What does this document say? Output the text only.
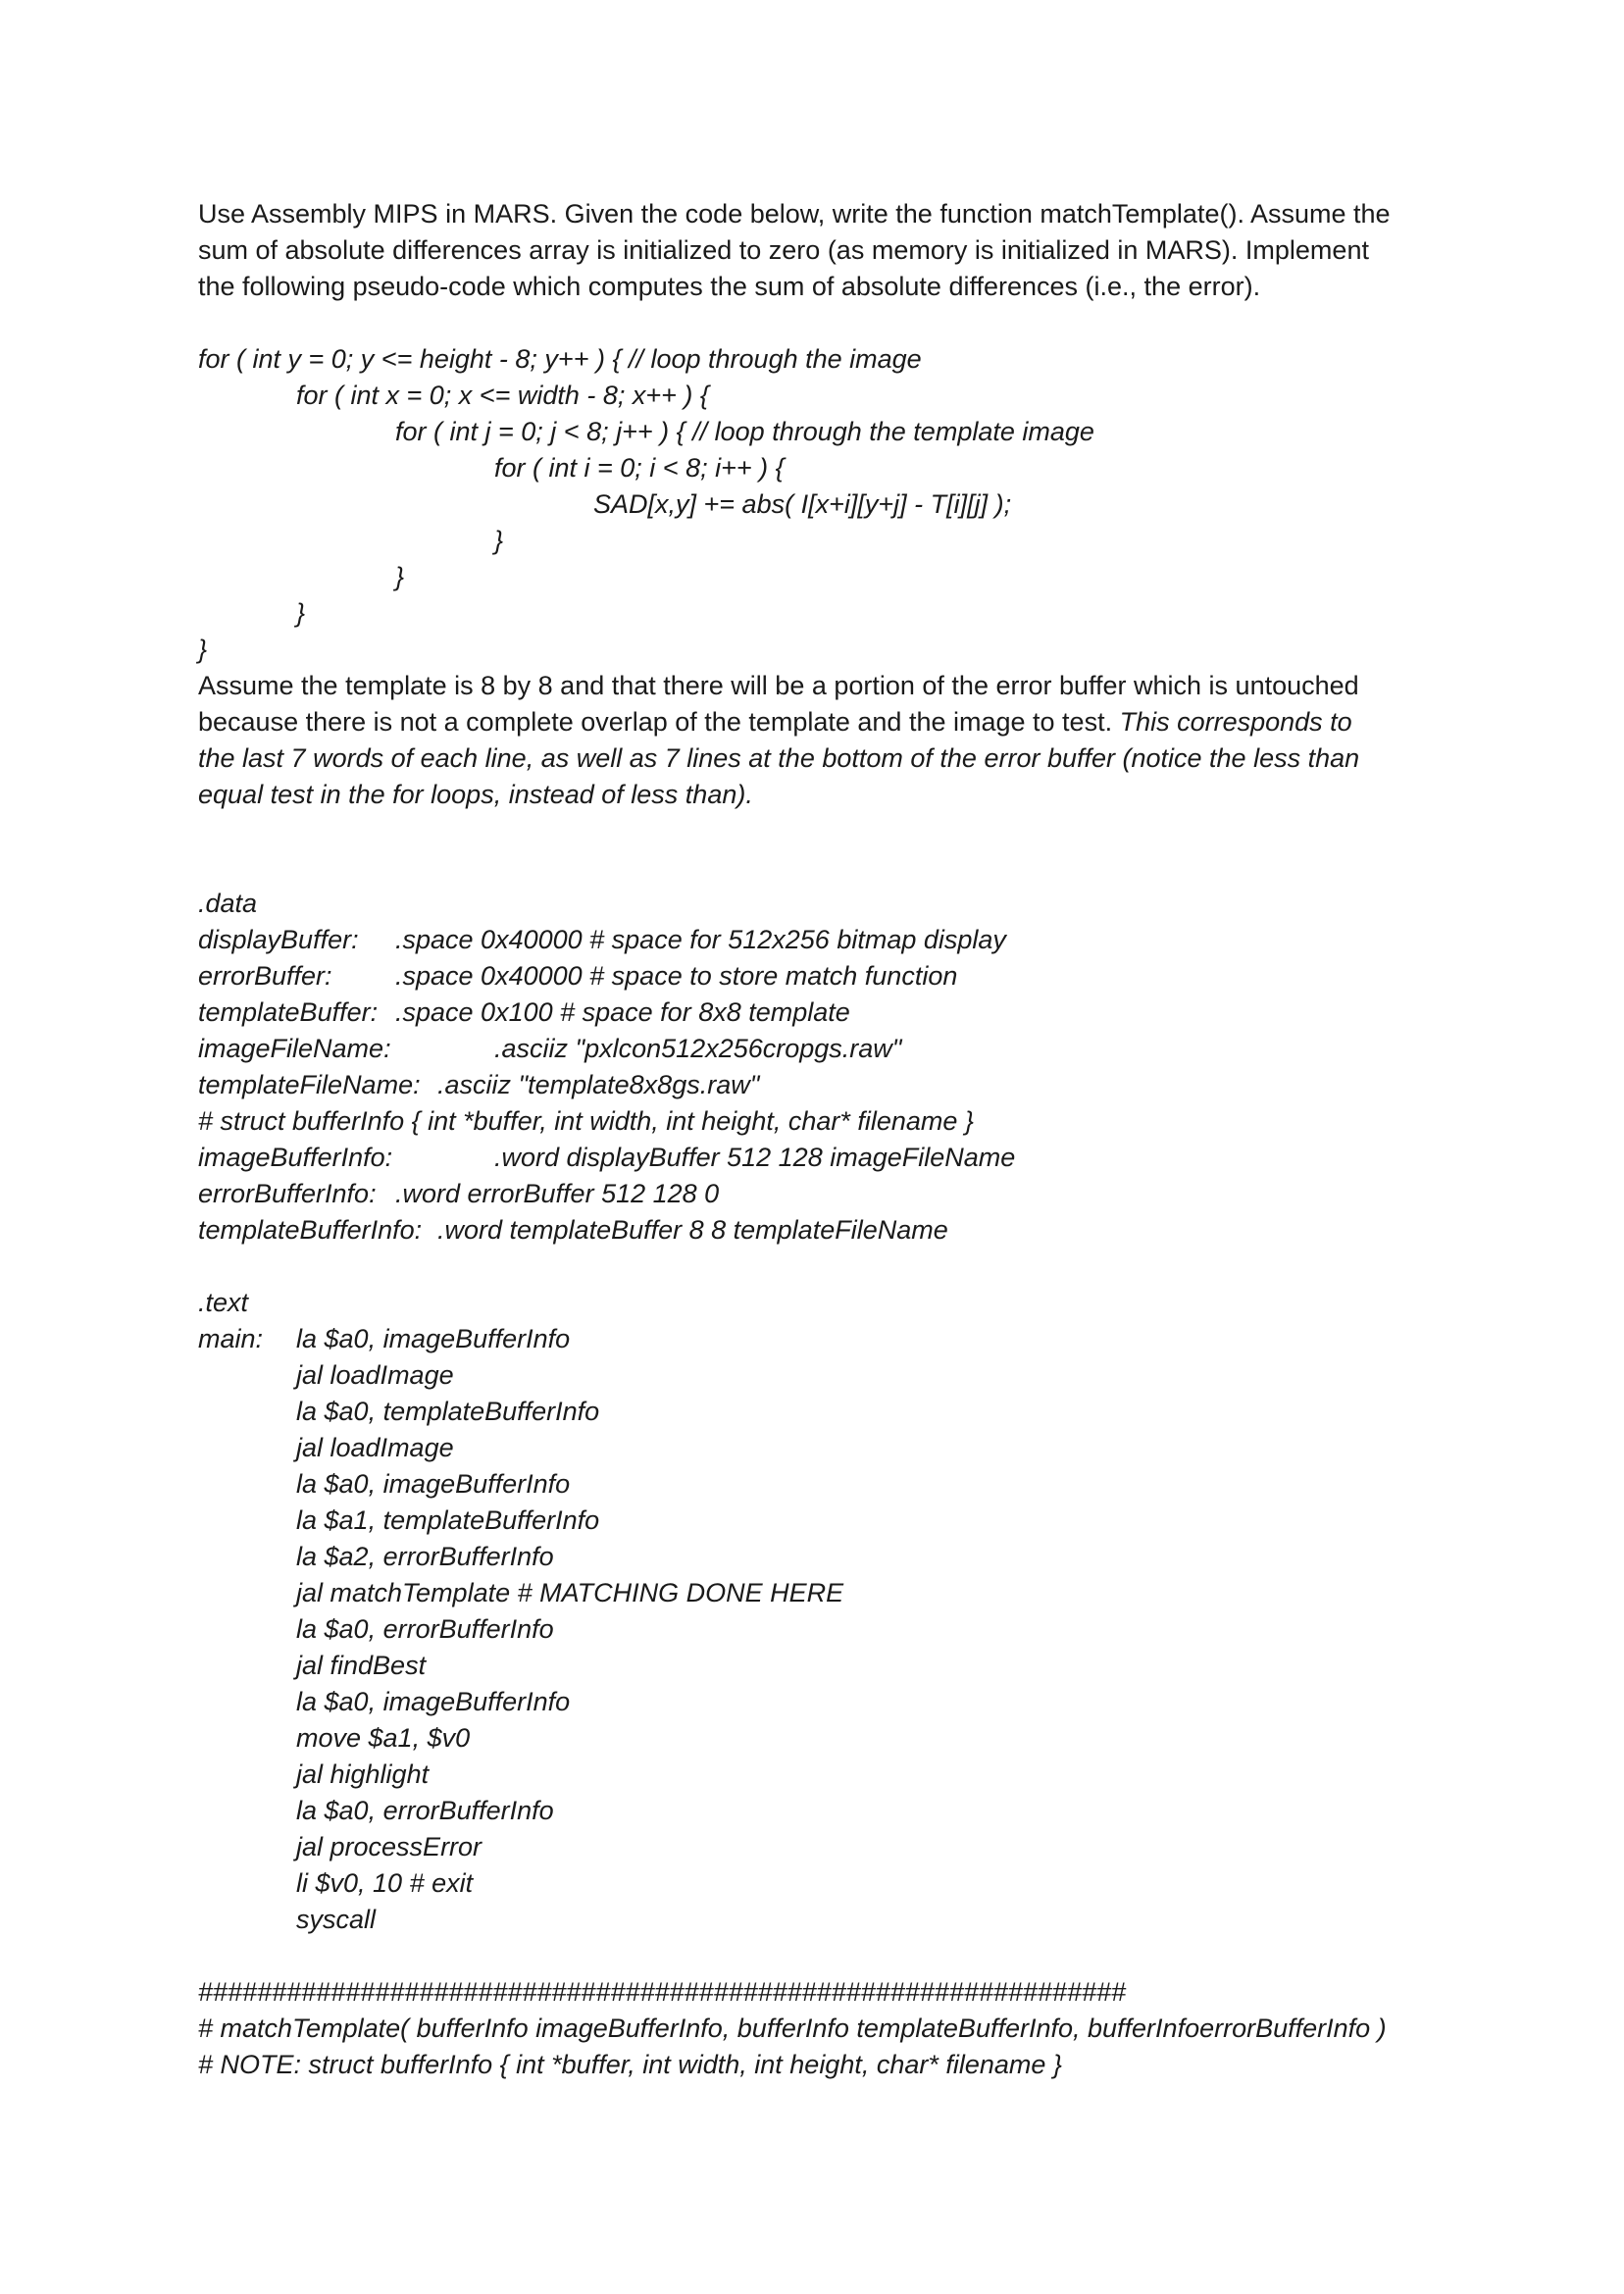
Use Assembly MIPS in MARS. Given the code below, write the function matchTemplate(). Assume the
sum of absolute differences array is initialized to zero (as memory is initialized in MARS). Implement
the following pseudo-code which computes the sum of absolute differences (i.e., the error).
for ( int y = 0; y <= height - 8; y++ ) { // loop through the image
for ( int x = 0; x <= width - 8; x++ ) {
for ( int j = 0; j < 8; j++ ) { // loop through the template image
for ( int i = 0; i < 8; i++ ) {
SAD[x,y] += abs( I[x+i][y+j] - T[i][j] );
}
}
}
}
Assume the template is 8 by 8 and that there will be a portion of the error buffer which is untouched
because there is not a complete overlap of the template and the image to test. This corresponds to
the last 7 words of each line, as well as 7 lines at the bottom of the error buffer (notice the less than
equal test in the for loops, instead of less than).
.data
displayBuffer: .space 0x40000 # space for 512x256 bitmap display
errorBuffer: .space 0x40000 # space to store match function
templateBuffer: .space 0x100 # space for 8x8 template
imageFileName:	.asciiz "pxlcon512x256cropgs.raw"
templateFileName: .asciiz "template8x8gs.raw"
# struct bufferInfo { int *buffer, int width, int height, char* filename }
imageBufferInfo:	.word displayBuffer 512 128 imageFileName
errorBufferInfo: .word errorBuffer 512 128 0
templateBufferInfo: .word templateBuffer 8 8 templateFileName
.text
main: la $a0, imageBufferInfo
jal loadImage
la $a0, templateBufferInfo
jal loadImage
la $a0, imageBufferInfo
la $a1, templateBufferInfo
la $a2, errorBufferInfo
jal matchTemplate # MATCHING DONE HERE
la $a0, errorBufferInfo
jal findBest
la $a0, imageBufferInfo
move $a1, $v0
jal highlight
la $a0, errorBufferInfo
jal processError
li $v0, 10 # exit
syscall
###############################################################
# matchTemplate( bufferInfo imageBufferInfo, bufferInfo templateBufferInfo, bufferInfoerrorBufferInfo )
# NOTE: struct bufferInfo { int *buffer, int width, int height, char* filename }
